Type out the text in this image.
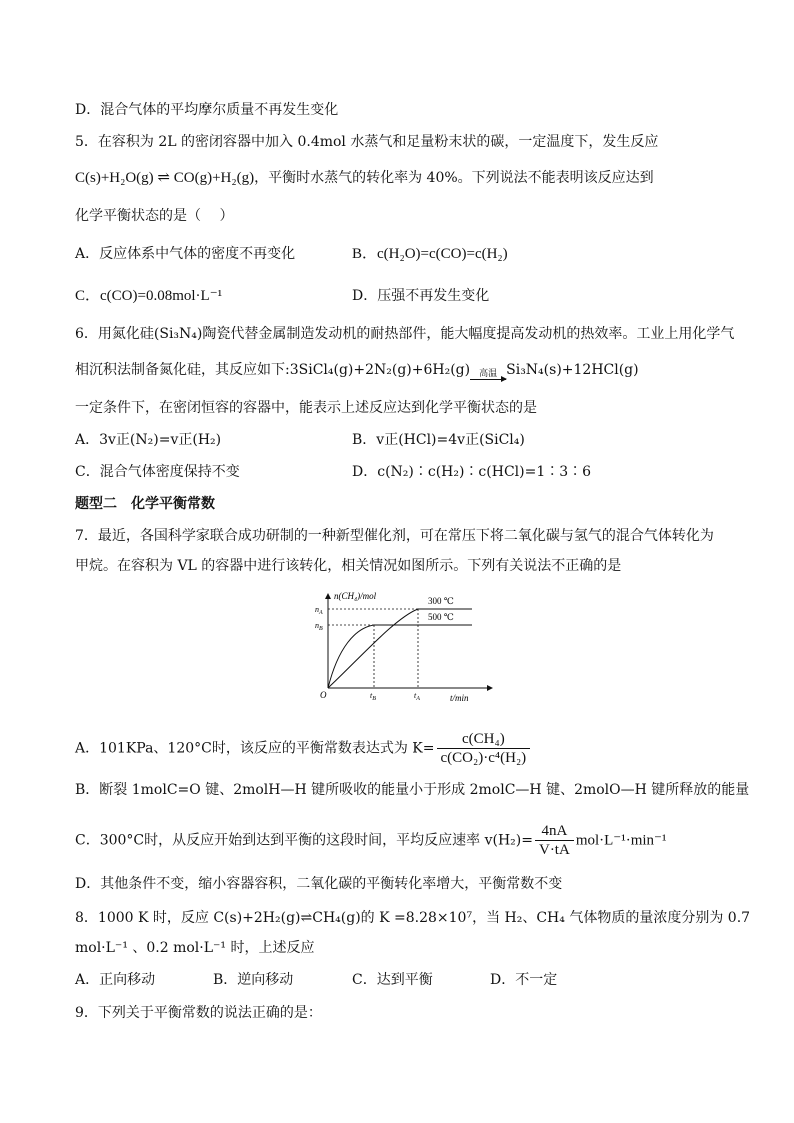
D．混合气体的平均摩尔质量不再发生变化
5．在容积为 2L 的密闭容器中加入 0.4mol 水蒸气和足量粉末状的碳，一定温度下，发生反应
C(s)+H₂O(g) ⇌ CO(g)+H₂(g)，平衡时水蒸气的转化率为 40%。下列说法不能表明该反应达到
化学平衡状态的是（　 ）
A．反应体系中气体的密度不再变化	B．c(H₂O)=c(CO)=c(H₂)
C．c(CO)=0.08mol·L⁻¹	D．压强不再发生变化
6．用氮化硅(Si₃N₄)陶瓷代替金属制造发动机的耐热部件，能大幅度提高发动机的热效率。工业上用化学气
相沉积法制备氮化硅，其反应如下:3SiCl₄(g)+2N₂(g)+6H₂(g) 高温 Si₃N₄(s)+12HCl(g)
一定条件下，在密闭恒容的容器中，能表示上述反应达到化学平衡状态的是
A．3v正(N₂)=v正(H₂)	B．v正(HCl)=4v正(SiCl₄)
C．混合气体密度保持不变	D．c(N₂)∶c(H₂)∶c(HCl)=1∶3∶6
题型二　化学平衡常数
7．最近，各国科学家联合成功研制的一种新型催化剂，可在常压下将二氧化碳与氢气的混合气体转化为
甲烷。在容积为 VL 的容器中进行该转化，相关情况如图所示。下列有关说法不正确的是
n(CH₄)/mol
t/min
O
$n_A$
$n_B$
$t_B$	$t_A$
300 ℃
500 ℃
A．101KPa、120°C时，该反应的平衡常数表达式为 $K= \frac{\text{c(CH₄)}}{\text{c(CO₂)·c⁴(H₂)}}$
B．断裂 1molC=O 键、2molH—H 键所吸收的能量小于形成 2molC—H 键、2molO—H 键所释放的能量
C．300°C时，从反应开始到达到平衡的这段时间，平均反应速率 $v(H_2)= \frac{4nA}{V\cdot tA} mol\cdot L^{-1}\cdot\min^{-1}$
D．其他条件不变，缩小容器容积，二氧化碳的平衡转化率增大，平衡常数不变
8．1000 K 时，反应 C(s)+2H₂(g)⇌CH₄(g)的 K =8.28×10⁷，当 H₂、CH₄ 气体物质的量浓度分别为 0.7
mol·L⁻¹ 、0.2 mol·L⁻¹ 时，上述反应
A．正向移动	B．逆向移动	C．达到平衡	D．不一定
9．下列关于平衡常数的说法正确的是：
